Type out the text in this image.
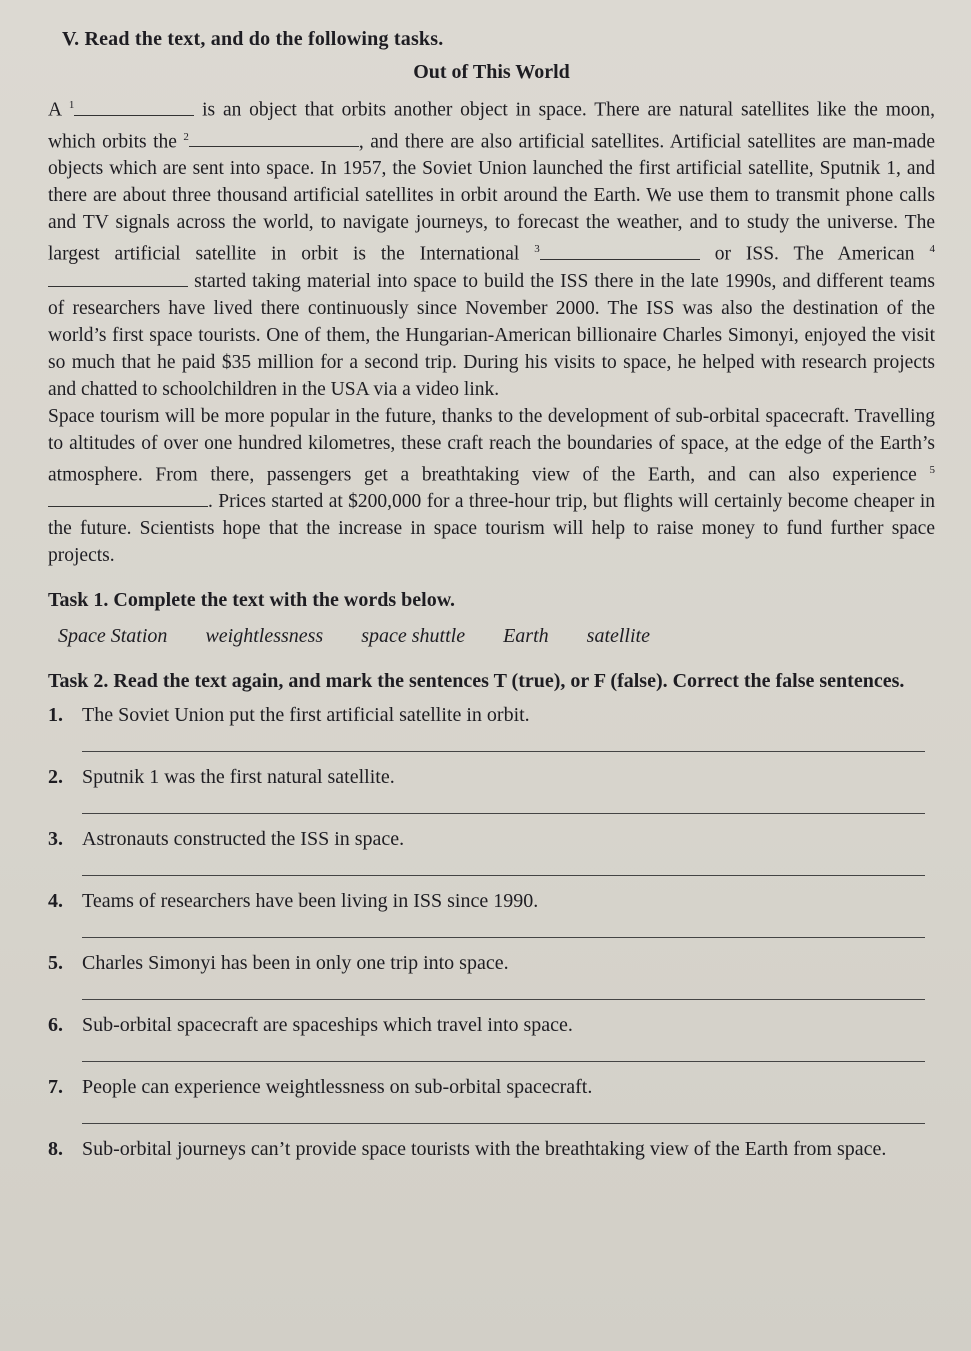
V. Read the text, and do the following tasks.
Out of This World

A $^1$	is an object that orbits another object in space. There are natural satellites like the moon, which orbits the $^2$	, and there are also artificial satellites. Artificial satellites are man-made objects which are sent into space. In 1957, the Soviet Union launched the first artificial satellite, Sputnik 1, and there are about three thousand artificial satellites in orbit around the Earth. We use them to transmit phone calls and TV signals across the world, to navigate journeys, to forecast the weather, and to study the universe. The largest artificial satellite in orbit is the International $^3$	or ISS. The American $^4$ started taking material into space to build the ISS there in the late 1990s, and different teams of researchers have lived there continuously since November 2000. The ISS was also the destination of the world’s first space tourists. One of them, the Hungarian-American billionaire Charles Simonyi, enjoyed the visit so much that he paid $35 million for a second trip. During his visits to space, he helped with research projects and chatted to schoolchildren in the USA via a video link.

Space tourism will be more popular in the future, thanks to the development of sub-orbital spacecraft. Travelling to altitudes of over one hundred kilometres, these craft reach the boundaries of space, at the edge of the Earth’s atmosphere. From there, passengers get a breathtaking view of the Earth, and can also experience $^5$. Prices started at $200,000 for a three-hour trip, but flights will certainly become cheaper in the future. Scientists hope that the increase in space tourism will help to raise money to fund further space projects.

Task 1. Complete the text with the words below.
Space Station weightlessness space shuttle Earth satellite
Task 2. Read the text again, and mark the sentences T (true), or F (false). Correct the false sentences.
1. The Soviet Union put the first artificial satellite in orbit.
2. Sputnik 1 was the first natural satellite.
3. Astronauts constructed the ISS in space.
4. Teams of researchers have been living in ISS since 1990.
5. Charles Simonyi has been in only one trip into space.
6. Sub-orbital spacecraft are spaceships which travel into space.
7. People can experience weightlessness on sub-orbital spacecraft.
8. Sub-orbital journeys can’t provide space tourists with the breathtaking view of the Earth from space.
